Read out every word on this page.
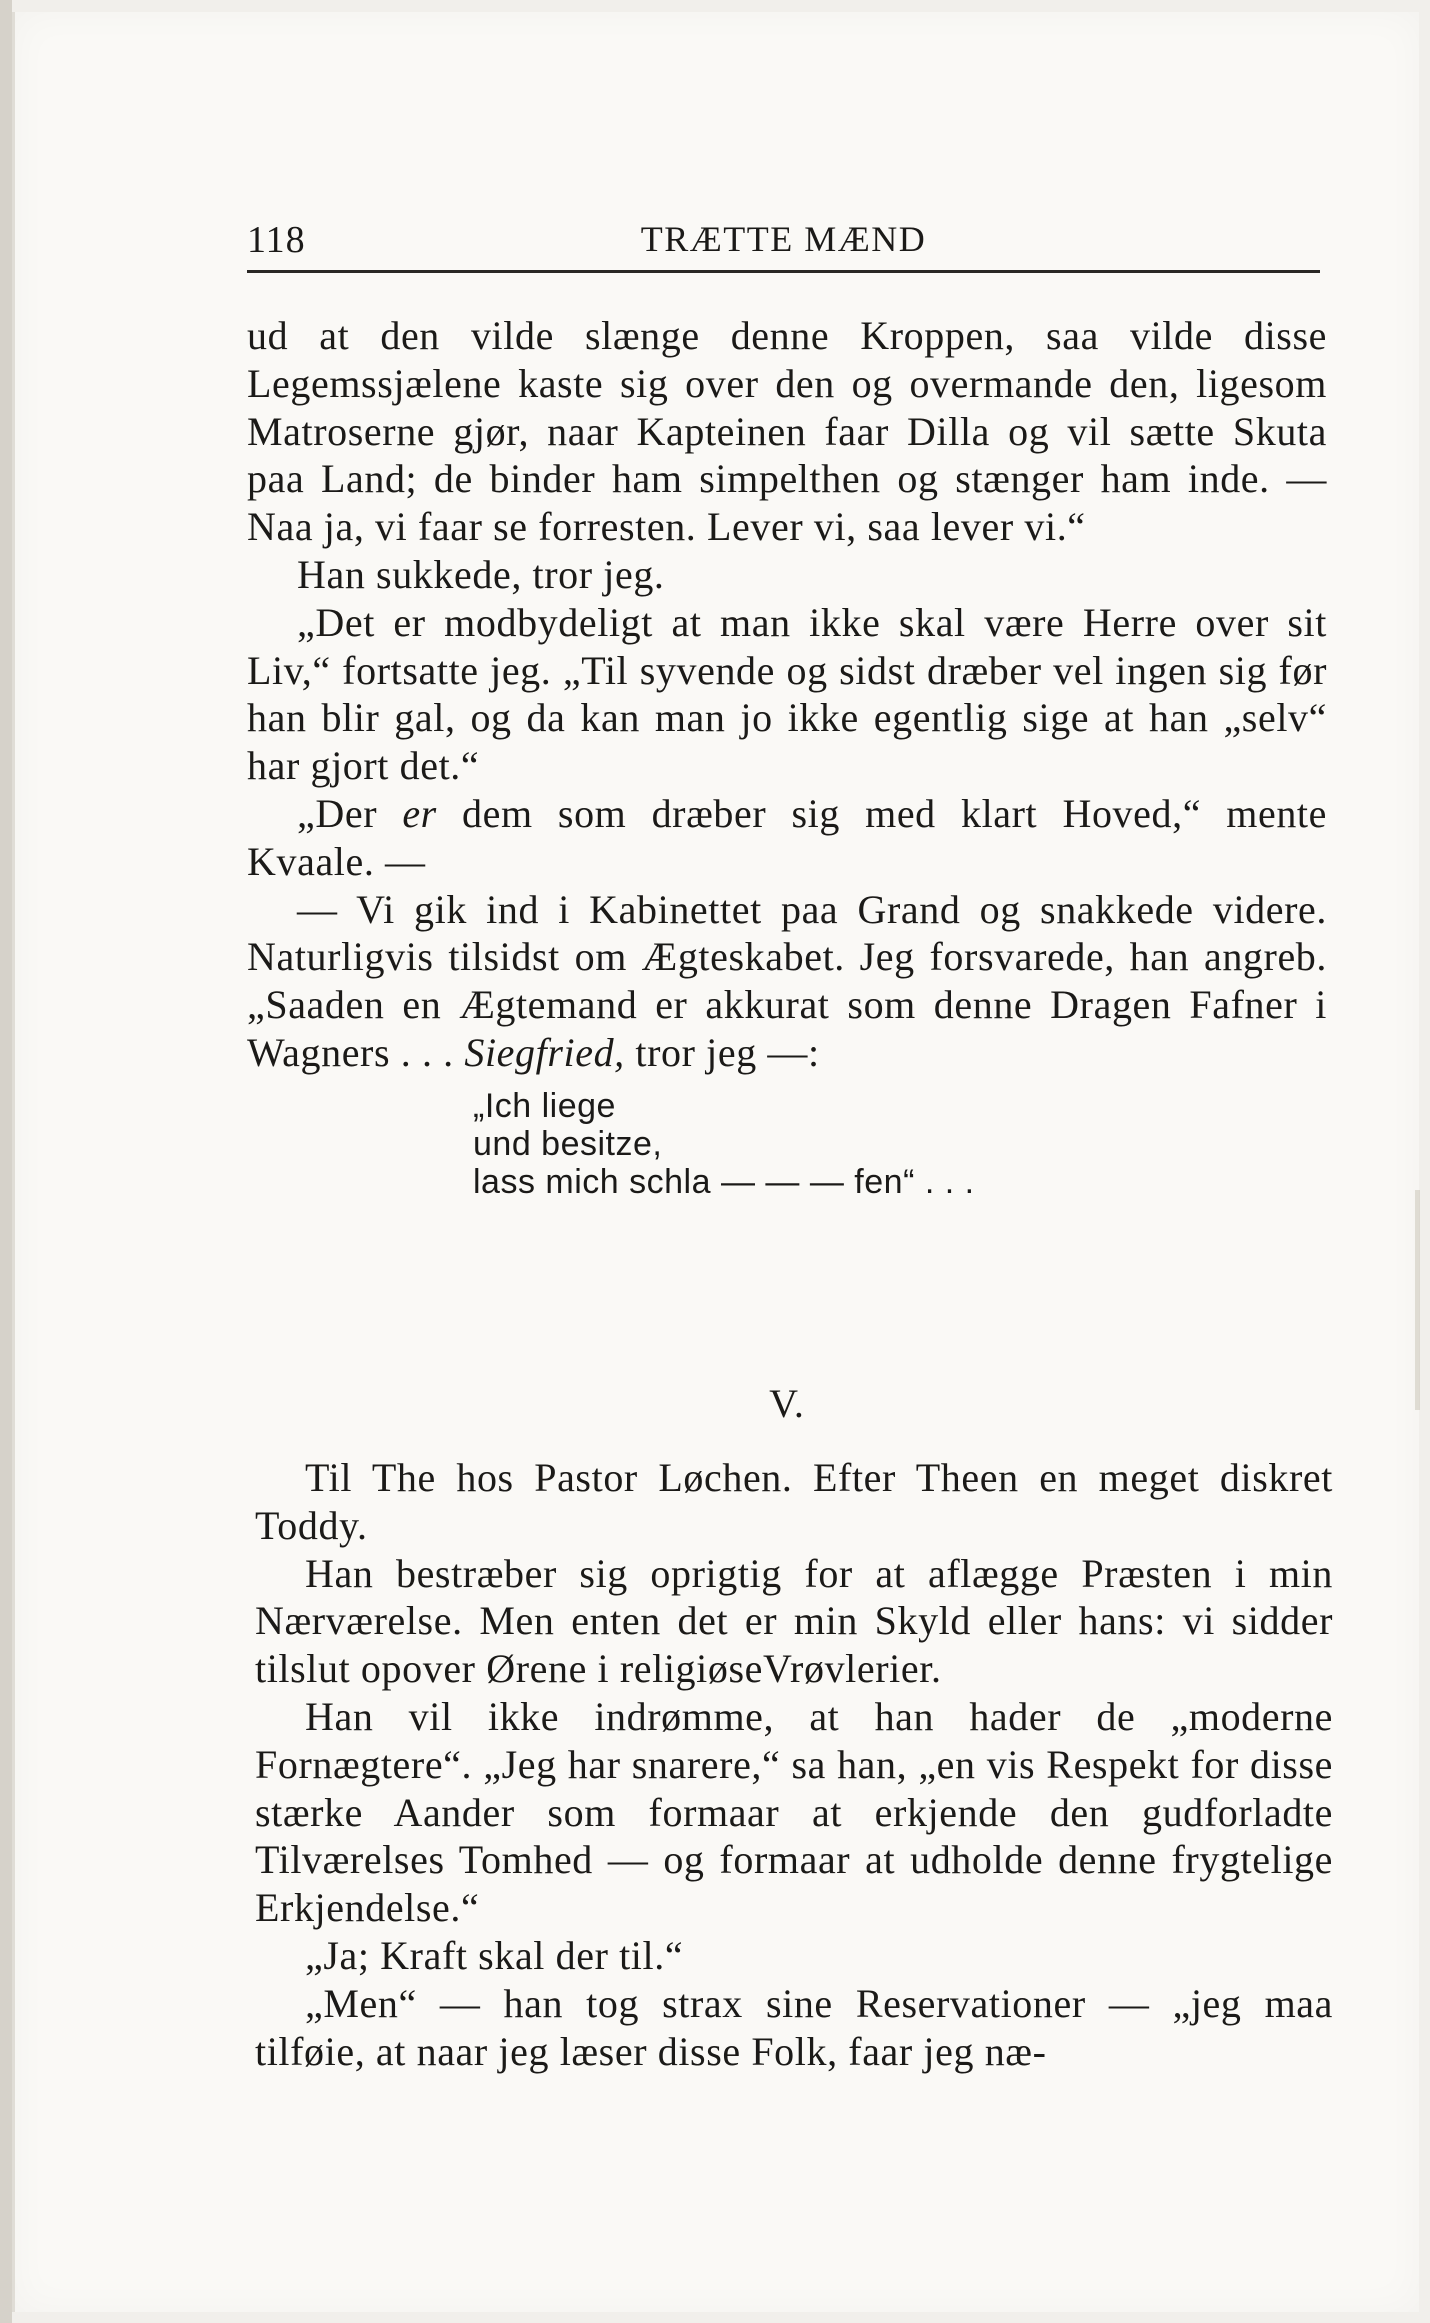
118	TRÆTTE MÆND

ud at den vilde slænge denne Kroppen, saa vilde disse Legemssjælene kaste sig over den og overmande den, ligesom Matroserne gjør, naar Kapteinen faar Dilla og vil sætte Skuta paa Land; de binder ham simpelthen og stænger ham inde. — Naa ja, vi faar se forresten. Lever vi, saa lever vi.“

Han sukkede, tror jeg.

„Det er modbydeligt at man ikke skal være Herre over sit Liv,“ fortsatte jeg. „Til syvende og sidst dræber vel ingen sig før han blir gal, og da kan man jo ikke egentlig sige at han „selv“ har gjort det.“

„Der er dem som dræber sig med klart Hoved,“ mente Kvaale. —

— Vi gik ind i Kabinettet paa Grand og snakkede videre. Naturligvis tilsidst om Ægteskabet. Jeg forsvarede, han angreb. „Saaden en Ægtemand er akkurat som denne Dragen Fafner i Wagners . . . Siegfried, tror jeg —:

„Ich liege
und besitze,
lass mich schla — — — fen“ . . .

Til The hos Pastor Løchen. Efter Theen en meget diskret Toddy.

Han bestræber sig oprigtig for at aflægge Præsten i min Nærværelse. Men enten det er min Skyld eller hans: vi sidder tilslut opover Ørene i religiøseVrøvlerier.

Han vil ikke indrømme, at han hader de „moderne Fornægtere“. „Jeg har snarere,“ sa han, „en vis Respekt for disse stærke Aander som formaar at erkjende den gudforladte Tilværelses Tomhed — og formaar at udholde denne frygtelige Erkjendelse.“

„Ja; Kraft skal der til.“

„Men“ — han tog strax sine Reservationer — „jeg maa tilføie, at naar jeg læser disse Folk, faar jeg næ-

V.
